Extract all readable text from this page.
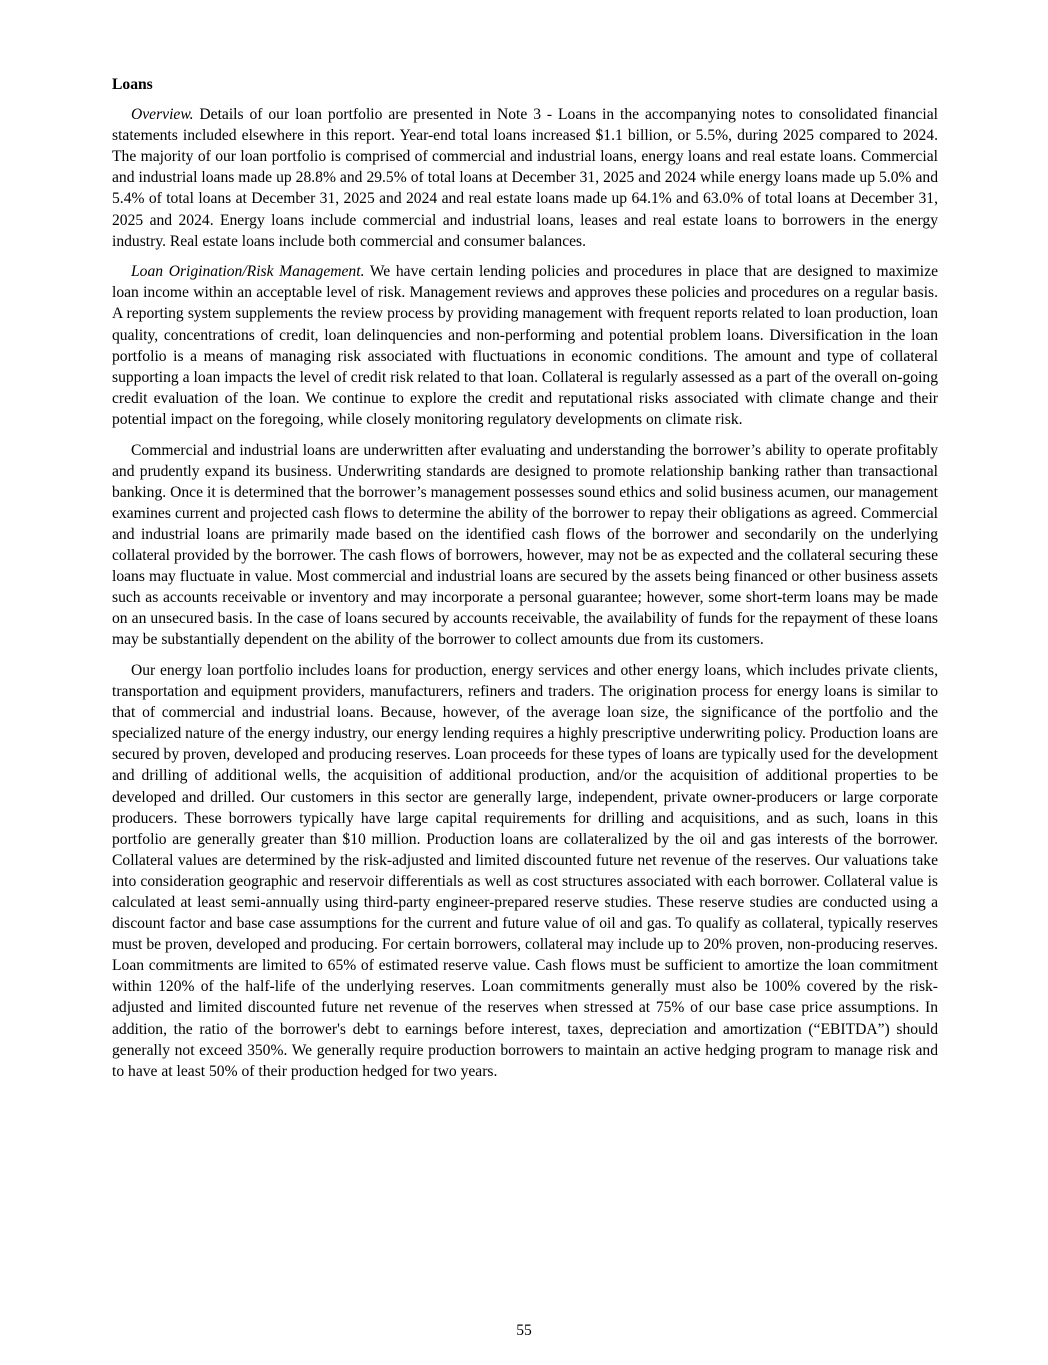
Loans

Overview. Details of our loan portfolio are presented in Note 3 - Loans in the accompanying notes to consolidated financial statements included elsewhere in this report. Year-end total loans increased $1.1 billion, or 5.5%, during 2025 compared to 2024. The majority of our loan portfolio is comprised of commercial and industrial loans, energy loans and real estate loans. Commercial and industrial loans made up 28.8% and 29.5% of total loans at December 31, 2025 and 2024 while energy loans made up 5.0% and 5.4% of total loans at December 31, 2025 and 2024 and real estate loans made up 64.1% and 63.0% of total loans at December 31, 2025 and 2024. Energy loans include commercial and industrial loans, leases and real estate loans to borrowers in the energy industry. Real estate loans include both commercial and consumer balances.

Loan Origination/Risk Management. We have certain lending policies and procedures in place that are designed to maximize loan income within an acceptable level of risk. Management reviews and approves these policies and procedures on a regular basis. A reporting system supplements the review process by providing management with frequent reports related to loan production, loan quality, concentrations of credit, loan delinquencies and non-performing and potential problem loans. Diversification in the loan portfolio is a means of managing risk associated with fluctuations in economic conditions. The amount and type of collateral supporting a loan impacts the level of credit risk related to that loan. Collateral is regularly assessed as a part of the overall on-going credit evaluation of the loan. We continue to explore the credit and reputational risks associated with climate change and their potential impact on the foregoing, while closely monitoring regulatory developments on climate risk.

Commercial and industrial loans are underwritten after evaluating and understanding the borrower’s ability to operate profitably and prudently expand its business. Underwriting standards are designed to promote relationship banking rather than transactional banking. Once it is determined that the borrower’s management possesses sound ethics and solid business acumen, our management examines current and projected cash flows to determine the ability of the borrower to repay their obligations as agreed. Commercial and industrial loans are primarily made based on the identified cash flows of the borrower and secondarily on the underlying collateral provided by the borrower. The cash flows of borrowers, however, may not be as expected and the collateral securing these loans may fluctuate in value. Most commercial and industrial loans are secured by the assets being financed or other business assets such as accounts receivable or inventory and may incorporate a personal guarantee; however, some short-term loans may be made on an unsecured basis. In the case of loans secured by accounts receivable, the availability of funds for the repayment of these loans may be substantially dependent on the ability of the borrower to collect amounts due from its customers.

Our energy loan portfolio includes loans for production, energy services and other energy loans, which includes private clients, transportation and equipment providers, manufacturers, refiners and traders. The origination process for energy loans is similar to that of commercial and industrial loans. Because, however, of the average loan size, the significance of the portfolio and the specialized nature of the energy industry, our energy lending requires a highly prescriptive underwriting policy. Production loans are secured by proven, developed and producing reserves. Loan proceeds for these types of loans are typically used for the development and drilling of additional wells, the acquisition of additional production, and/or the acquisition of additional properties to be developed and drilled. Our customers in this sector are generally large, independent, private owner-producers or large corporate producers. These borrowers typically have large capital requirements for drilling and acquisitions, and as such, loans in this portfolio are generally greater than $10 million. Production loans are collateralized by the oil and gas interests of the borrower. Collateral values are determined by the risk-adjusted and limited discounted future net revenue of the reserves. Our valuations take into consideration geographic and reservoir differentials as well as cost structures associated with each borrower. Collateral value is calculated at least semi-annually using third-party engineer-prepared reserve studies. These reserve studies are conducted using a discount factor and base case assumptions for the current and future value of oil and gas. To qualify as collateral, typically reserves must be proven, developed and producing. For certain borrowers, collateral may include up to 20% proven, non-producing reserves. Loan commitments are limited to 65% of estimated reserve value. Cash flows must be sufficient to amortize the loan commitment within 120% of the half-life of the underlying reserves. Loan commitments generally must also be 100% covered by the risk-adjusted and limited discounted future net revenue of the reserves when stressed at 75% of our base case price assumptions. In addition, the ratio of the borrower's debt to earnings before interest, taxes, depreciation and amortization (“EBITDA”) should generally not exceed 350%. We generally require production borrowers to maintain an active hedging program to manage risk and to have at least 50% of their production hedged for two years.

55
